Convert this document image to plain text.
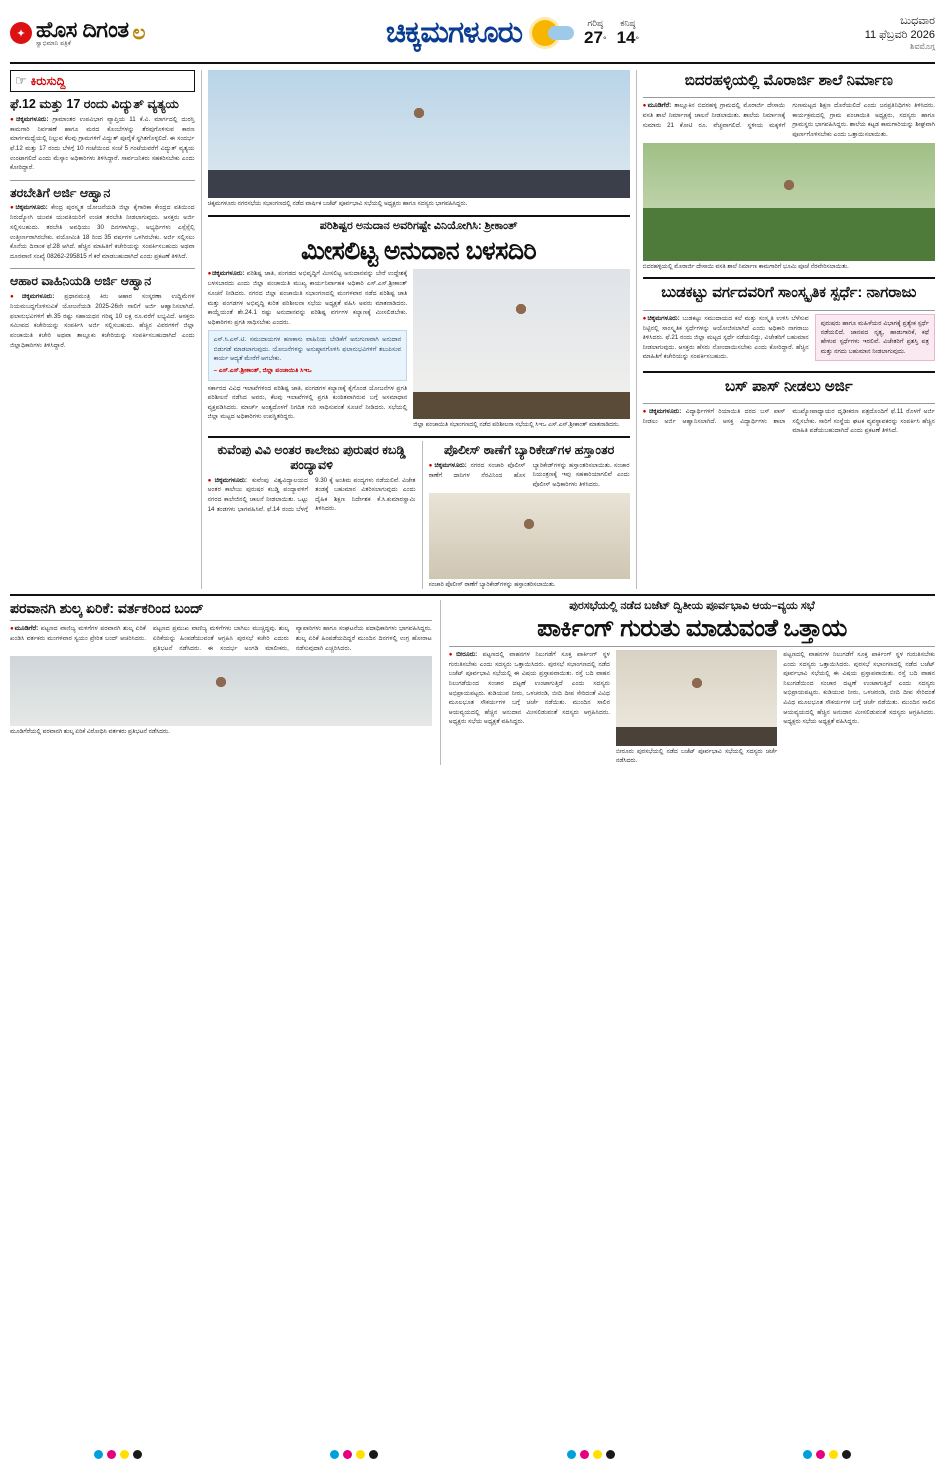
✦ ಹೊಸ ದಿಗಂತ
ಸ್ವಾಭಿಮಾನಿ ಪತ್ರಿಕೆ	ಲ	ಚಿಕ್ಕಮಗಳೂರು	ಗರಿಷ್ಠ
27°
ಕನಿಷ್ಠ
14°
ಬುಧವಾರ
11 ಫೆಬ್ರವರಿ 2026
ಶಿವಮೊಗ್ಗ
☞ ಕಿರುಸುದ್ದಿ
ಫೆ.12 ಮತ್ತು 17 ರಂದು ವಿದ್ಯುತ್ ವ್ಯತ್ಯಯ

●ಚಿಕ್ಕಮಗಳೂರು: ಗ್ರಾಮಾಂತರ ಉಪವಿಭಾಗ ವ್ಯಾಪ್ತಿಯ 11 ಕೆ.ವಿ. ಮಾರ್ಗದಲ್ಲಿ ದುರಸ್ತಿ ಕಾಮಗಾರಿ ನಿರ್ವಹಣೆ ಹಾಗೂ ಮರದ ಕೊಂಬೆಗಳನ್ನು ತೆರವುಗೊಳಿಸುವ ಕಾರಣ ಮಾರ್ಗಮಧ್ಯೆಯಲ್ಲಿ ನಿಲ್ಲುವ ಕೆಲವು ಗ್ರಾಮಗಳಿಗೆ ವಿದ್ಯುತ್ ಪೂರೈಕೆ ಸ್ಥಗಿತಗೊಳ್ಳಲಿದೆ. ಈ ಸಂದರ್ಭ ಫೆ.12 ಮತ್ತು 17 ರಂದು ಬೆಳಗ್ಗೆ 10 ಗಂಟೆಯಿಂದ ಸಂಜೆ 5 ಗಂಟೆಯವರೆಗೆ ವಿದ್ಯುತ್ ವ್ಯತ್ಯಯ ಉಂಟಾಗಲಿದೆ ಎಂದು ಮೆಸ್ಕಾಂ ಅಧಿಕಾರಿಗಳು ತಿಳಿಸಿದ್ದಾರೆ. ಸಾರ್ವಜನಿಕರು ಸಹಕರಿಸಬೇಕು ಎಂದು ಕೋರಿದ್ದಾರೆ.

ತರಬೇತಿಗೆ ಅರ್ಜಿ ಆಹ್ವಾನ

●ಚಿಕ್ಕಮಗಳೂರು: ಕೇಂದ್ರ ಪುರಸ್ಕೃತ ಯೋಜನೆಯಡಿ ಜಿಲ್ಲಾ ಕೈಗಾರಿಕಾ ಕೇಂದ್ರದ ವತಿಯಿಂದ ನಿರುದ್ಯೋಗಿ ಯುವಕ ಯುವತಿಯರಿಗೆ ಉಚಿತ ತರಬೇತಿ ನೀಡಲಾಗುವುದು. ಆಸಕ್ತರು ಅರ್ಜಿ ಸಲ್ಲಿಸಬಹುದು. ತರಬೇತಿ ಅವಧಿಯು 30 ದಿನಗಳಾಗಿದ್ದು, ಅಭ್ಯರ್ಥಿಗಳು ಎಸ್ಸೆಸ್ಸೆಲ್ಸಿ ಉತ್ತೀರ್ಣರಾಗಿರಬೇಕು. ವಯೋಮಿತಿ 18 ರಿಂದ 35 ವರ್ಷಗಳ ಒಳಗಿರಬೇಕು. ಅರ್ಜಿ ಸಲ್ಲಿಸಲು ಕೊನೆಯ ದಿನಾಂಕ ಫೆ.28 ಆಗಿದೆ. ಹೆಚ್ಚಿನ ಮಾಹಿತಿಗೆ ಕಚೇರಿಯನ್ನು ಸಂಪರ್ಕಿಸಬಹುದು ಅಥವಾ ದೂರವಾಣಿ ಸಂಖ್ಯೆ 08262-295815 ಗೆ ಕರೆ ಮಾಡಬಹುದಾಗಿದೆ ಎಂದು ಪ್ರಕಟಣೆ ತಿಳಿಸಿದೆ.

ಆಹಾರ ವಾಹಿನಿಯಡಿ ಅರ್ಜಿ ಆಹ್ವಾನ

●ಚಿಕ್ಕಮಗಳೂರು: ಪ್ರಧಾನಮಂತ್ರಿ ಕಿರು ಆಹಾರ ಸಂಸ್ಕರಣಾ ಉದ್ದಿಮೆಗಳ ನಿಯಮಬದ್ಧಗೊಳಿಸುವಿಕೆ ಯೋಜನೆಯಡಿ 2025-26ನೇ ಸಾಲಿಗೆ ಅರ್ಜಿ ಆಹ್ವಾನಿಸಲಾಗಿದೆ. ಫಲಾನುಭವಿಗಳಿಗೆ ಶೇ.35 ರಷ್ಟು ಸಹಾಯಧನ ಗರಿಷ್ಠ 10 ಲಕ್ಷ ರೂ.ವರೆಗೆ ಲಭ್ಯವಿದೆ. ಆಸಕ್ತರು ಸಮೀಪದ ಕಚೇರಿಯನ್ನು ಸಂಪರ್ಕಿಸಿ ಅರ್ಜಿ ಸಲ್ಲಿಸಬಹುದು. ಹೆಚ್ಚಿನ ವಿವರಗಳಿಗೆ ಜಿಲ್ಲಾ ಪಂಚಾಯಿತಿ ಕಚೇರಿ ಅಥವಾ ತಾಲ್ಲೂಕು ಕಚೇರಿಯನ್ನು ಸಂಪರ್ಕಿಸಬಹುದಾಗಿದೆ ಎಂದು ಜಿಲ್ಲಾಧಿಕಾರಿಗಳು ತಿಳಿಸಿದ್ದಾರೆ.

ಚಿಕ್ಕಮಗಳೂರು ನಗರಸಭೆಯ ಸಭಾಂಗಣದಲ್ಲಿ ನಡೆದ ವಾರ್ಷಿಕ ಬಜೆಟ್ ಪೂರ್ವಭಾವಿ ಸಭೆಯಲ್ಲಿ ಅಧ್ಯಕ್ಷರು ಹಾಗೂ ಸದಸ್ಯರು ಭಾಗವಹಿಸಿದ್ದರು.
ಪರಿಶಿಷ್ಟರ ಅನುದಾನ ಅವರಿಗಷ್ಟೇ ವಿನಿಯೋಗಿಸಿ: ಶ್ರೀಕಾಂತ್
ಮೀಸಲಿಟ್ಟ ಅನುದಾನ ಬಳಸದಿರಿ

●ಚಿಕ್ಕಮಗಳೂರು: ಪರಿಶಿಷ್ಟ ಜಾತಿ, ಪಂಗಡದ ಅಭಿವೃದ್ಧಿಗೆ ಮೀಸಲಿಟ್ಟ ಅನುದಾನವನ್ನು ಬೇರೆ ಉದ್ದೇಶಕ್ಕೆ ಬಳಸಬಾರದು ಎಂದು ಜಿಲ್ಲಾ ಪಂಚಾಯಿತಿ ಮುಖ್ಯ ಕಾರ್ಯನಿರ್ವಾಹಕ ಅಧಿಕಾರಿ ಎಸ್.ಎಸ್.ಶ್ರೀಕಾಂತ್ ಸೂಚನೆ ನೀಡಿದರು. ನಗರದ ಜಿಲ್ಲಾ ಪಂಚಾಯಿತಿ ಸಭಾಂಗಣದಲ್ಲಿ ಮಂಗಳವಾರ ನಡೆದ ಪರಿಶಿಷ್ಟ ಜಾತಿ ಮತ್ತು ಪಂಗಡಗಳ ಅಭಿವೃದ್ಧಿ ಕುರಿತ ಪರಿಶೀಲನಾ ಸಭೆಯ ಅಧ್ಯಕ್ಷತೆ ವಹಿಸಿ ಅವರು ಮಾತನಾಡಿದರು. ಕಾಯ್ದೆಯಂತೆ ಶೇ.24.1 ರಷ್ಟು ಅನುದಾನವನ್ನು ಪರಿಶಿಷ್ಟ ವರ್ಗಗಳ ಕಲ್ಯಾಣಕ್ಕೆ ಮೀಸಲಿಡಬೇಕು. ಅಧಿಕಾರಿಗಳು ಪ್ರಗತಿ ಸಾಧಿಸಬೇಕು ಎಂದರು.

ಎಸ್.ಸಿ.ಎಸ್.ಟಿ. ಸಮುದಾಯಗಳ ಹಣಕಾಸು ವಾಹಿನಿಯ ಬೇಡಿಕೆಗೆ ಅನುಗುಣವಾಗಿ ಅನುದಾನ ಬಿಡುಗಡೆ ಮಾಡಲಾಗುವುದು. ಯೋಜನೆಗಳನ್ನು ಅನುಷ್ಠಾನಗೊಳಿಸಿ ಫಲಾನುಭವಿಗಳಿಗೆ ತಲುಪಿಸುವ ಕಾರ್ಯ ಆದ್ಯತೆ ಮೇರೆಗೆ ಆಗಬೇಕು.
– ಎಸ್.ಎಸ್.ಶ್ರೀಕಾಂತ್, ಜಿಲ್ಲಾ ಪಂಚಾಯಿತಿ ಸಿಇಒ

ಸರ್ಕಾರದ ವಿವಿಧ ಇಲಾಖೆಗಳಿಂದ ಪರಿಶಿಷ್ಟ ಜಾತಿ, ಪಂಗಡಗಳ ಕಲ್ಯಾಣಕ್ಕೆ ಕೈಗೊಂಡ ಯೋಜನೆಗಳ ಪ್ರಗತಿ ಪರಿಶೀಲನೆ ನಡೆಸಿದ ಅವರು, ಕೆಲವು ಇಲಾಖೆಗಳಲ್ಲಿ ಪ್ರಗತಿ ಕುಂಠಿತವಾಗಿರುವ ಬಗ್ಗೆ ಅಸಮಾಧಾನ ವ್ಯಕ್ತಪಡಿಸಿದರು. ಮಾರ್ಚ್ ಅಂತ್ಯದೊಳಗೆ ನಿಗದಿತ ಗುರಿ ಸಾಧಿಸುವಂತೆ ಸೂಚನೆ ನೀಡಿದರು. ಸಭೆಯಲ್ಲಿ ಜಿಲ್ಲಾ ಮಟ್ಟದ ಅಧಿಕಾರಿಗಳು ಉಪಸ್ಥಿತರಿದ್ದರು.

ಜಿಲ್ಲಾ ಪಂಚಾಯಿತಿ ಸಭಾಂಗಣದಲ್ಲಿ ನಡೆದ ಪರಿಶೀಲನಾ ಸಭೆಯಲ್ಲಿ ಸಿಇಒ ಎಸ್.ಎಸ್.ಶ್ರೀಕಾಂತ್ ಮಾತನಾಡಿದರು.
ಕುವೆಂಪು ವಿವಿ ಅಂತರ ಕಾಲೇಜು ಪುರುಷರ ಕಬಡ್ಡಿ ಪಂದ್ಯಾವಳಿ

●ಚಿಕ್ಕಮಗಳೂರು: ಕುವೆಂಪು ವಿಶ್ವವಿದ್ಯಾಲಯದ ಅಂತರ ಕಾಲೇಜು ಪುರುಷರ ಕಬಡ್ಡಿ ಪಂದ್ಯಾವಳಿಗೆ ನಗರದ ಕಾಲೇಜಿನಲ್ಲಿ ಚಾಲನೆ ನೀಡಲಾಯಿತು. ಒಟ್ಟು 14 ತಂಡಗಳು ಭಾಗವಹಿಸಿವೆ. ಫೆ.14 ರಂದು ಬೆಳಗ್ಗೆ 9.30 ಕ್ಕೆ ಅಂತಿಮ ಪಂದ್ಯಗಳು ನಡೆಯಲಿವೆ. ವಿಜೇತ ತಂಡಕ್ಕೆ ಬಹುಮಾನ ವಿತರಿಸಲಾಗುವುದು ಎಂದು ದೈಹಿಕ ಶಿಕ್ಷಣ ನಿರ್ದೇಶಕ ಕೆ.ಸಿ.ಕುಮಾರಸ್ವಾಮಿ ತಿಳಿಸಿದರು.

ಪೊಲೀಸ್ ಠಾಣೆಗೆ ಬ್ಯಾರಿಕೇಡ್‌ಗಳ ಹಸ್ತಾಂತರ

●ಚಿಕ್ಕಮಗಳೂರು: ನಗರದ ಸಂಚಾರಿ ಪೊಲೀಸ್ ಠಾಣೆಗೆ ದಾನಿಗಳ ನೆರವಿನಿಂದ ಹೊಸ ಬ್ಯಾರಿಕೇಡ್‌ಗಳನ್ನು ಹಸ್ತಾಂತರಿಸಲಾಯಿತು. ಸಂಚಾರ ನಿಯಂತ್ರಣಕ್ಕೆ ಇವು ಸಹಕಾರಿಯಾಗಲಿವೆ ಎಂದು ಪೊಲೀಸ್ ಅಧಿಕಾರಿಗಳು ತಿಳಿಸಿದರು.

ಸಂಚಾರಿ ಪೊಲೀಸ್ ಠಾಣೆಗೆ ಬ್ಯಾರಿಕೇಡ್‌ಗಳನ್ನು ಹಸ್ತಾಂತರಿಸಲಾಯಿತು.
ಬಿದರಹಳ್ಳಿಯಲ್ಲಿ ಮೊರಾರ್ಜಿ ಶಾಲೆ ನಿರ್ಮಾಣ

●ಮೂಡಿಗೆರೆ: ತಾಲ್ಲೂಕಿನ ಬಿದರಹಳ್ಳಿ ಗ್ರಾಮದಲ್ಲಿ ಮೊರಾರ್ಜಿ ದೇಸಾಯಿ ವಸತಿ ಶಾಲೆ ನಿರ್ಮಾಣಕ್ಕೆ ಚಾಲನೆ ನೀಡಲಾಯಿತು. ಶಾಲೆಯ ನಿರ್ಮಾಣಕ್ಕೆ ಸುಮಾರು 21 ಕೋಟಿ ರೂ. ವೆಚ್ಚವಾಗಲಿದೆ. ಸ್ಥಳೀಯ ಮಕ್ಕಳಿಗೆ ಗುಣಮಟ್ಟದ ಶಿಕ್ಷಣ ದೊರೆಯಲಿದೆ ಎಂದು ಜನಪ್ರತಿನಿಧಿಗಳು ತಿಳಿಸಿದರು. ಕಾರ್ಯಕ್ರಮದಲ್ಲಿ ಗ್ರಾಮ ಪಂಚಾಯಿತಿ ಅಧ್ಯಕ್ಷರು, ಸದಸ್ಯರು ಹಾಗೂ ಗ್ರಾಮಸ್ಥರು ಭಾಗವಹಿಸಿದ್ದರು. ಶಾಲೆಯ ಕಟ್ಟಡ ಕಾಮಗಾರಿಯನ್ನು ಶೀಘ್ರವಾಗಿ ಪೂರ್ಣಗೊಳಿಸಬೇಕು ಎಂದು ಒತ್ತಾಯಿಸಲಾಯಿತು.

ಬಿದರಹಳ್ಳಿಯಲ್ಲಿ ಮೊರಾರ್ಜಿ ದೇಸಾಯಿ ವಸತಿ ಶಾಲೆ ನಿರ್ಮಾಣ ಕಾಮಗಾರಿಗೆ ಭೂಮಿ ಪೂಜೆ ನೆರವೇರಿಸಲಾಯಿತು.
ಬುಡಕಟ್ಟು ವರ್ಗದವರಿಗೆ ಸಾಂಸ್ಕೃತಿಕ ಸ್ಪರ್ಧೆ: ನಾಗರಾಜು

●ಚಿಕ್ಕಮಗಳೂರು: ಬುಡಕಟ್ಟು ಸಮುದಾಯದ ಕಲೆ ಮತ್ತು ಸಂಸ್ಕೃತಿ ಉಳಿಸಿ ಬೆಳೆಸುವ ನಿಟ್ಟಿನಲ್ಲಿ ಸಾಂಸ್ಕೃತಿಕ ಸ್ಪರ್ಧೆಗಳನ್ನು ಆಯೋಜಿಸಲಾಗಿದೆ ಎಂದು ಅಧಿಕಾರಿ ನಾಗರಾಜು ತಿಳಿಸಿದರು. ಫೆ.21 ರಂದು ಜಿಲ್ಲಾ ಮಟ್ಟದ ಸ್ಪರ್ಧೆ ನಡೆಯಲಿದ್ದು, ವಿಜೇತರಿಗೆ ಬಹುಮಾನ ನೀಡಲಾಗುವುದು. ಆಸಕ್ತರು ಹೆಸರು ನೋಂದಾಯಿಸಬೇಕು ಎಂದು ಕೋರಿದ್ದಾರೆ. ಹೆಚ್ಚಿನ ಮಾಹಿತಿಗೆ ಕಚೇರಿಯನ್ನು ಸಂಪರ್ಕಿಸಬಹುದು.

ಪುರುಷರು ಹಾಗೂ ಮಹಿಳೆಯರ ವಿಭಾಗಕ್ಕೆ ಪ್ರತ್ಯೇಕ ಸ್ಪರ್ಧೆ ನಡೆಯಲಿದೆ. ಜಾನಪದ ನೃತ್ಯ, ಹಾಡುಗಾರಿಕೆ, ಕಥೆ ಹೇಳುವ ಸ್ಪರ್ಧೆಗಳು ಇರಲಿವೆ. ವಿಜೇತರಿಗೆ ಪ್ರಶಸ್ತಿ ಪತ್ರ ಮತ್ತು ನಗದು ಬಹುಮಾನ ನೀಡಲಾಗುವುದು.
ಬಸ್ ಪಾಸ್ ನೀಡಲು ಅರ್ಜಿ

●ಚಿಕ್ಕಮಗಳೂರು: ವಿದ್ಯಾರ್ಥಿಗಳಿಗೆ ರಿಯಾಯಿತಿ ದರದ ಬಸ್ ಪಾಸ್ ನೀಡಲು ಅರ್ಜಿ ಆಹ್ವಾನಿಸಲಾಗಿದೆ. ಆಸಕ್ತ ವಿದ್ಯಾರ್ಥಿಗಳು ಶಾಲಾ ಮುಖ್ಯೋಪಾಧ್ಯಾಯರ ದೃಢೀಕರಣ ಪತ್ರದೊಂದಿಗೆ ಫೆ.11 ರೊಳಗೆ ಅರ್ಜಿ ಸಲ್ಲಿಸಬೇಕು. ಸಾರಿಗೆ ಸಂಸ್ಥೆಯ ಘಟಕ ವ್ಯವಸ್ಥಾಪಕರನ್ನು ಸಂಪರ್ಕಿಸಿ ಹೆಚ್ಚಿನ ಮಾಹಿತಿ ಪಡೆಯಬಹುದಾಗಿದೆ ಎಂದು ಪ್ರಕಟಣೆ ತಿಳಿಸಿದೆ.

ಪರವಾನಗಿ ಶುಲ್ಕ ಏರಿಕೆ: ವರ್ತಕರಿಂದ ಬಂದ್

●ಮೂಡಿಗೆರೆ: ಪಟ್ಟಣದ ವಾಣಿಜ್ಯ ಮಳಿಗೆಗಳ ಪರವಾನಗಿ ಶುಲ್ಕ ಏರಿಕೆ ಖಂಡಿಸಿ ವರ್ತಕರು ಮಂಗಳವಾರ ಸ್ವಯಂ ಪ್ರೇರಿತ ಬಂದ್ ಆಚರಿಸಿದರು. ಪಟ್ಟಣದ ಪ್ರಮುಖ ವಾಣಿಜ್ಯ ಮಳಿಗೆಗಳು ಬಾಗಿಲು ಮುಚ್ಚಿದ್ದವು. ಶುಲ್ಕ ಏರಿಕೆಯನ್ನು ಹಿಂಪಡೆಯುವಂತೆ ಆಗ್ರಹಿಸಿ ಪುರಸಭೆ ಕಚೇರಿ ಎದುರು ಪ್ರತಿಭಟನೆ ನಡೆಸಿದರು. ಈ ಸಂದರ್ಭ ಅಂಗಡಿ ಮಾಲೀಕರು, ವ್ಯಾಪಾರಿಗಳು ಹಾಗೂ ಸಂಘಟನೆಯ ಪದಾಧಿಕಾರಿಗಳು ಭಾಗವಹಿಸಿದ್ದರು. ಶುಲ್ಕ ಏರಿಕೆ ಹಿಂಪಡೆಯದಿದ್ದರೆ ಮುಂದಿನ ದಿನಗಳಲ್ಲಿ ಉಗ್ರ ಹೋರಾಟ ನಡೆಸುವುದಾಗಿ ಎಚ್ಚರಿಸಿದರು.

ಮೂಡಿಗೆರೆಯಲ್ಲಿ ಪರವಾನಗಿ ಶುಲ್ಕ ಏರಿಕೆ ವಿರೋಧಿಸಿ ವರ್ತಕರು ಪ್ರತಿಭಟನೆ ನಡೆಸಿದರು.
ಪುರಸಭೆಯಲ್ಲಿ ನಡೆದ ಬಜೆಟ್ ದ್ವಿತೀಯ ಪೂರ್ವಭಾವಿ ಆಯ–ವ್ಯಯ ಸಭೆ
ಪಾರ್ಕಿಂಗ್ ಗುರುತು ಮಾಡುವಂತೆ ಒತ್ತಾಯ

●ಬೀರೂರು: ಪಟ್ಟಣದಲ್ಲಿ ವಾಹನಗಳ ನಿಲುಗಡೆಗೆ ಸೂಕ್ತ ಪಾರ್ಕಿಂಗ್ ಸ್ಥಳ ಗುರುತಿಸಬೇಕು ಎಂದು ಸದಸ್ಯರು ಒತ್ತಾಯಿಸಿದರು. ಪುರಸಭೆ ಸಭಾಂಗಣದಲ್ಲಿ ನಡೆದ ಬಜೆಟ್ ಪೂರ್ವಭಾವಿ ಸಭೆಯಲ್ಲಿ ಈ ವಿಷಯ ಪ್ರಸ್ತಾಪವಾಯಿತು. ರಸ್ತೆ ಬದಿ ವಾಹನ ನಿಲುಗಡೆಯಿಂದ ಸಂಚಾರ ದಟ್ಟಣೆ ಉಂಟಾಗುತ್ತಿದೆ ಎಂದು ಸದಸ್ಯರು ಅಭಿಪ್ರಾಯಪಟ್ಟರು. ಕುಡಿಯುವ ನೀರು, ಒಳಚರಂಡಿ, ಬೀದಿ ದೀಪ ಸೇರಿದಂತೆ ವಿವಿಧ ಮೂಲಭೂತ ಸೌಕರ್ಯಗಳ ಬಗ್ಗೆ ಚರ್ಚೆ ನಡೆಯಿತು. ಮುಂದಿನ ಸಾಲಿನ ಆಯವ್ಯಯದಲ್ಲಿ ಹೆಚ್ಚಿನ ಅನುದಾನ ಮೀಸಲಿಡುವಂತೆ ಸದಸ್ಯರು ಆಗ್ರಹಿಸಿದರು. ಅಧ್ಯಕ್ಷರು ಸಭೆಯ ಅಧ್ಯಕ್ಷತೆ ವಹಿಸಿದ್ದರು.

ಬೀರೂರು ಪುರಸಭೆಯಲ್ಲಿ ನಡೆದ ಬಜೆಟ್ ಪೂರ್ವಭಾವಿ ಸಭೆಯಲ್ಲಿ ಸದಸ್ಯರು ಚರ್ಚೆ ನಡೆಸಿದರು.

ಪಟ್ಟಣದಲ್ಲಿ ವಾಹನಗಳ ನಿಲುಗಡೆಗೆ ಸೂಕ್ತ ಪಾರ್ಕಿಂಗ್ ಸ್ಥಳ ಗುರುತಿಸಬೇಕು ಎಂದು ಸದಸ್ಯರು ಒತ್ತಾಯಿಸಿದರು. ಪುರಸಭೆ ಸಭಾಂಗಣದಲ್ಲಿ ನಡೆದ ಬಜೆಟ್ ಪೂರ್ವಭಾವಿ ಸಭೆಯಲ್ಲಿ ಈ ವಿಷಯ ಪ್ರಸ್ತಾಪವಾಯಿತು. ರಸ್ತೆ ಬದಿ ವಾಹನ ನಿಲುಗಡೆಯಿಂದ ಸಂಚಾರ ದಟ್ಟಣೆ ಉಂಟಾಗುತ್ತಿದೆ ಎಂದು ಸದಸ್ಯರು ಅಭಿಪ್ರಾಯಪಟ್ಟರು. ಕುಡಿಯುವ ನೀರು, ಒಳಚರಂಡಿ, ಬೀದಿ ದೀಪ ಸೇರಿದಂತೆ ವಿವಿಧ ಮೂಲಭೂತ ಸೌಕರ್ಯಗಳ ಬಗ್ಗೆ ಚರ್ಚೆ ನಡೆಯಿತು. ಮುಂದಿನ ಸಾಲಿನ ಆಯವ್ಯಯದಲ್ಲಿ ಹೆಚ್ಚಿನ ಅನುದಾನ ಮೀಸಲಿಡುವಂತೆ ಸದಸ್ಯರು ಆಗ್ರಹಿಸಿದರು. ಅಧ್ಯಕ್ಷರು ಸಭೆಯ ಅಧ್ಯಕ್ಷತೆ ವಹಿಸಿದ್ದರು.
